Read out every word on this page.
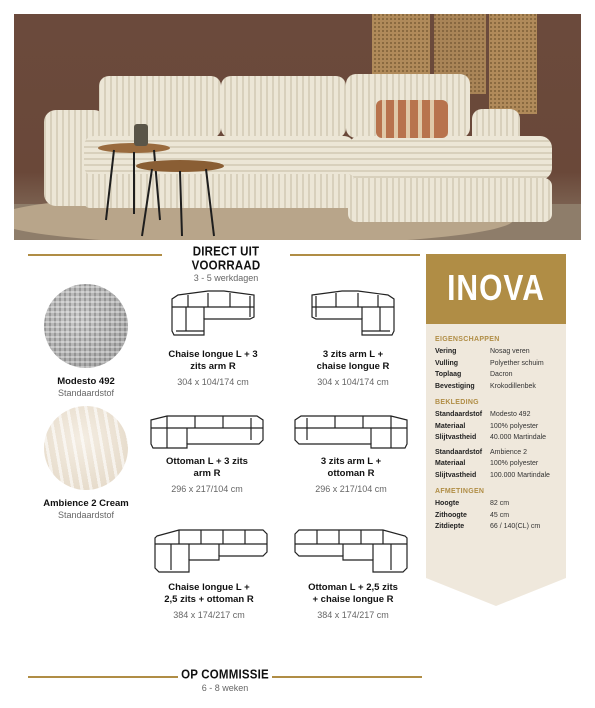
DIRECT UIT VOORRAAD
3 - 5 werkdagen
Modesto 492
Standaardstof
Ambience 2 Cream
Standaardstof
Chaise longue L + 3
zits arm R
304 x 104/174 cm
3 zits arm L +
chaise longue R
304 x 104/174 cm
Ottoman L + 3 zits
arm R
296 x 217/104 cm
3 zits arm L +
ottoman R
296 x 217/104 cm
Chaise longue L +
2,5 zits + ottoman R
384 x 174/217 cm
Ottoman L + 2,5 zits
+ chaise longue R
384 x 174/217 cm
INOVA
EIGENSCHAPPEN
Vering	Nosag veren
Vulling	Polyether schuim
Toplaag	Dacron
Bevestiging	Krokodillenbek
BEKLEDING
Standaardstof	Modesto 492
Materiaal	100% polyester
Slijtvastheid	40.000 Martindale
Standaardstof	Ambience 2
Materiaal	100% polyester
Slijtvastheid	100.000 Martindale
AFMETINGEN
Hoogte	82 cm
Zithoogte	45 cm
Zitdiepte	66 / 140(CL) cm
OP COMMISSIE
6 - 8 weken
